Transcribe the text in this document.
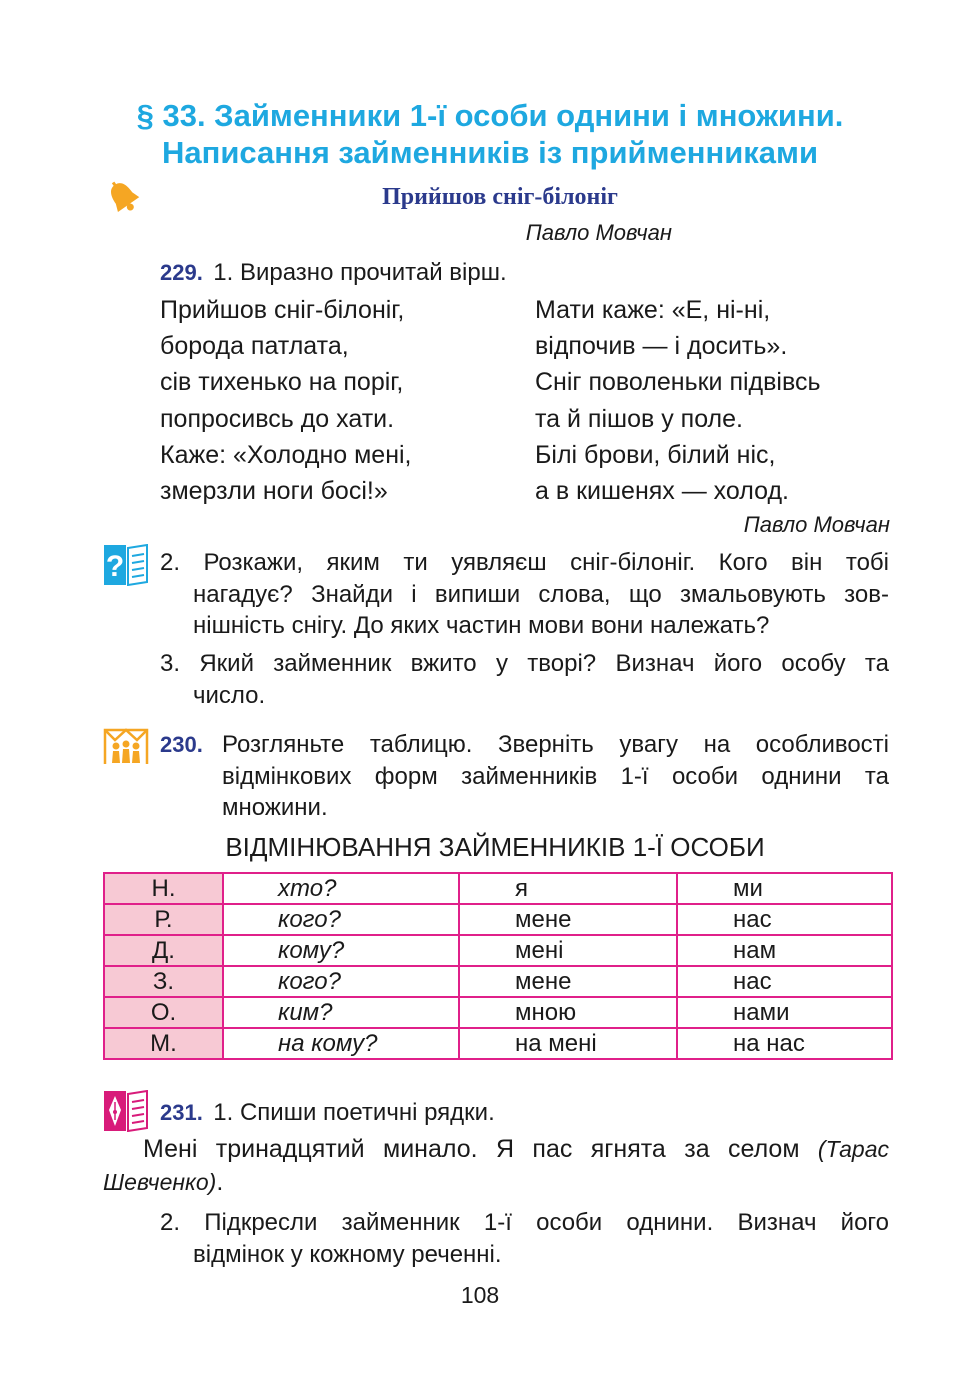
§ 33. Займенники 1-ї особи однини і множини.
Написання займенників із прийменниками
Прийшов сніг-білоніг
Павло Мовчан
229. 1. Виразно прочитай вірш.
Прийшов сніг-білоніг,
борода патлата,
сів тихенько на поріг,
попросивсь до хати.
Каже: «Холодно мені,
змерзли ноги босі!»
Мати каже: «Е, ні-ні,
відпочив — і досить».
Сніг поволеньки підвівсь
та й пішов у поле.
Білі брови, білий ніс,
а в кишенях — холод.
Павло Мовчан
? 2. Розкажи, яким ти уявляєш сніг-білоніг. Кого він тобі
нагадує? Знайди і випиши слова, що змальовують зов-
нішність снігу. До яких частин мови вони належать?
3. Який займенник вжито у творі? Визнач його особу та
число.
230. Розгляньте таблицю. Зверніть увагу на особливості
відмінкових форм займенників 1-ї особи однини та
множини.
ВІДМІНЮВАННЯ ЗАЙМЕННИКІВ 1-Ї ОСОБИ
Н.	хто?	я	ми
Р.	кого?	мене	нас
Д.	кому?	мені	нам
З.	кого?	мене	нас
О.	ким?	мною	нами
М.	на кому?	на мені	на нас
231. 1. Спиши поетичні рядки.
Мені тринадцятий минало. Я пас ягнята за селом (Тарас
Шевченко).
2. Підкресли займенник 1-ї особи однини. Визнач його
відмінок у кожному реченні.
108
